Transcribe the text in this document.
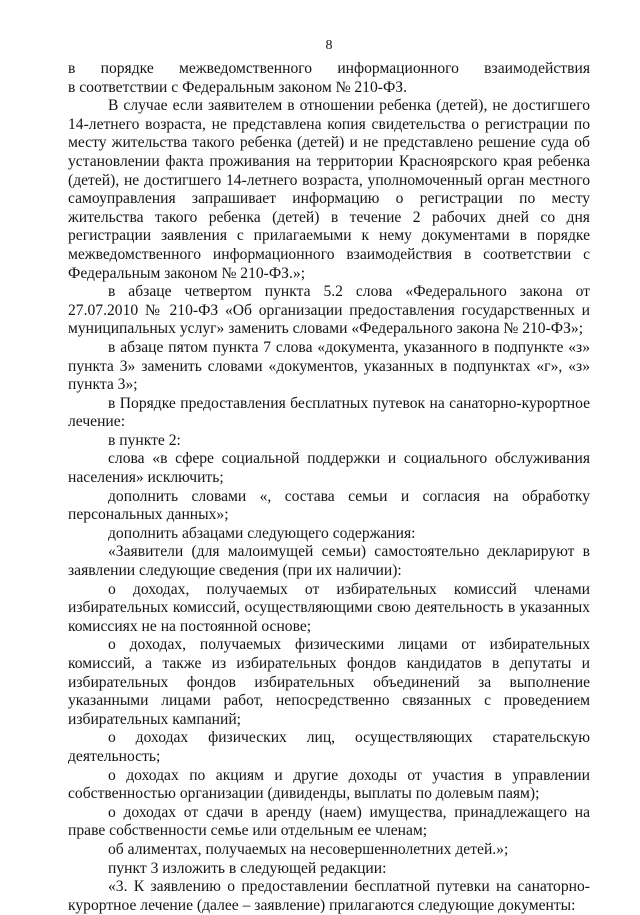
8

в порядке межведомственного информационного взаимодействия

в соответствии с Федеральным законом № 210-ФЗ.

В случае если заявителем в отношении ребенка (детей), не достигшего 14-летнего возраста, не представлена копия свидетельства о регистрации по месту жительства такого ребенка (детей) и не представлено решение суда об установлении факта проживания на территории Красноярского края ребенка (детей), не достигшего 14-летнего возраста, уполномоченный орган местного самоуправления запрашивает информацию о регистрации по месту жительства такого ребенка (детей) в течение 2 рабочих дней со дня регистрации заявления с прилагаемыми к нему документами в порядке межведомственного информационного взаимодействия в соответствии с Федеральным законом № 210-ФЗ.»;

в абзаце четвертом пункта 5.2 слова «Федерального закона от 27.07.2010 № 210-ФЗ «Об организации предоставления государственных и муниципальных услуг» заменить словами «Федерального закона № 210-ФЗ»;

в абзаце пятом пункта 7 слова «документа, указанного в подпункте «з» пункта 3» заменить словами «документов, указанных в подпунктах «г», «з» пункта 3»;

в Порядке предоставления бесплатных путевок на санаторно-курортное лечение:

в пункте 2:

слова «в сфере социальной поддержки и социального обслуживания населения» исключить;

дополнить словами «, состава семьи и согласия на обработку персональных данных»;

дополнить абзацами следующего содержания:

«Заявители (для малоимущей семьи) самостоятельно декларируют в заявлении следующие сведения (при их наличии):

о доходах, получаемых от избирательных комиссий членами избирательных комиссий, осуществляющими свою деятельность в указанных комиссиях не на постоянной основе;

о доходах, получаемых физическими лицами от избирательных комиссий, а также из избирательных фондов кандидатов в депутаты и избирательных фондов избирательных объединений за выполнение указанными лицами работ, непосредственно связанных с проведением избирательных кампаний;

о доходах физических лиц, осуществляющих старательскую деятельность;

о доходах по акциям и другие доходы от участия в управлении собственностью организации (дивиденды, выплаты по долевым паям);

о доходах от сдачи в аренду (наем) имущества, принадлежащего на праве собственности семье или отдельным ее членам;

об алиментах, получаемых на несовершеннолетних детей.»;

пункт 3 изложить в следующей редакции:

«3. К заявлению о предоставлении бесплатной путевки на санаторно-курортное лечение (далее – заявление) прилагаются следующие документы:
